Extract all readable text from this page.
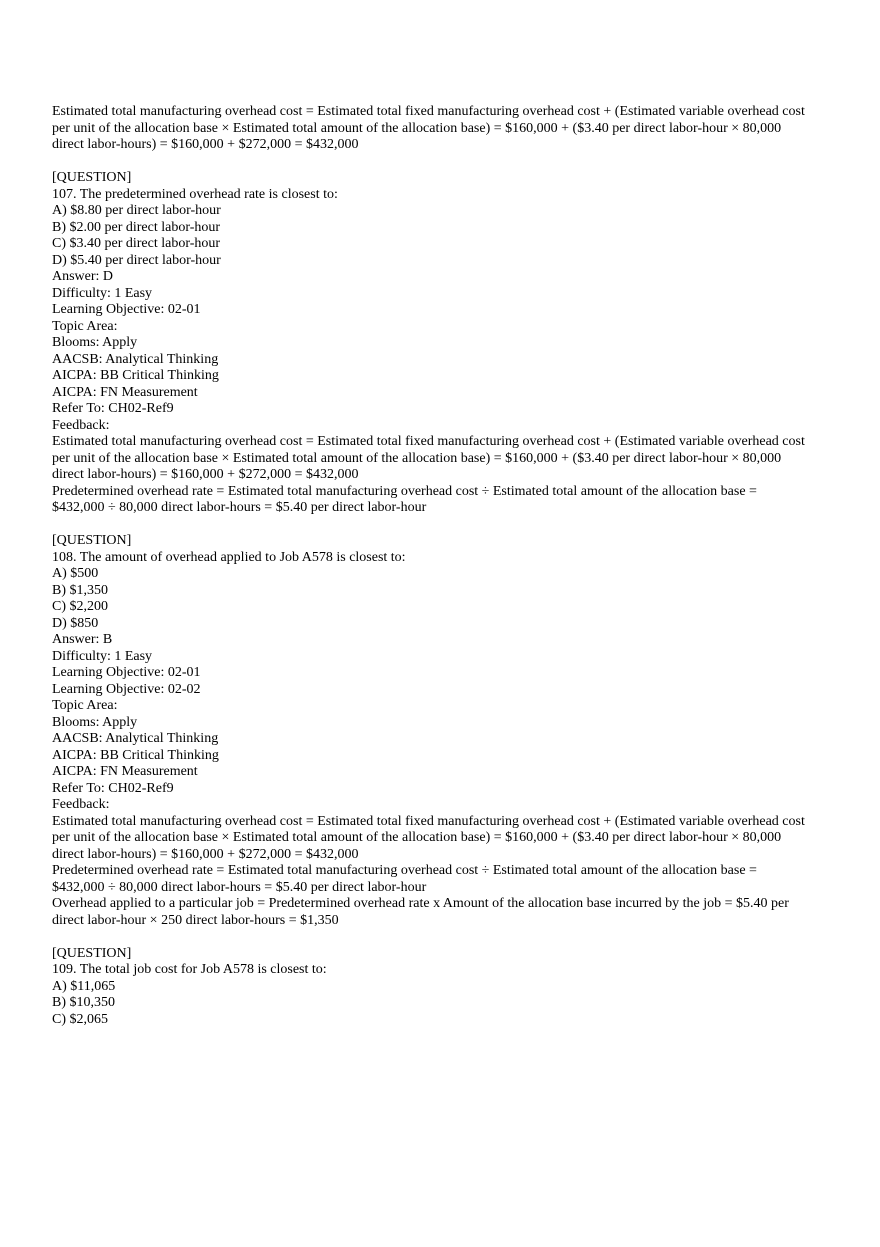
Estimated total manufacturing overhead cost = Estimated total fixed manufacturing overhead cost + (Estimated variable overhead cost per unit of the allocation base × Estimated total amount of the allocation base) = $160,000 + ($3.40 per direct labor-hour × 80,000 direct labor-hours) = $160,000 + $272,000 = $432,000

[QUESTION]

107. The predetermined overhead rate is closest to:

A) $8.80 per direct labor-hour

B) $2.00 per direct labor-hour

C) $3.40 per direct labor-hour

D) $5.40 per direct labor-hour

Answer: D

Difficulty: 1 Easy

Learning Objective: 02-01

Topic Area:

Blooms: Apply

AACSB: Analytical Thinking

AICPA: BB Critical Thinking

AICPA: FN Measurement

Refer To: CH02-Ref9

Feedback:

Estimated total manufacturing overhead cost = Estimated total fixed manufacturing overhead cost + (Estimated variable overhead cost per unit of the allocation base × Estimated total amount of the allocation base) = $160,000 + ($3.40 per direct labor-hour × 80,000 direct labor-hours) = $160,000 + $272,000 = $432,000

Predetermined overhead rate = Estimated total manufacturing overhead cost ÷ Estimated total amount of the allocation base = $432,000 ÷ 80,000 direct labor-hours = $5.40 per direct labor-hour

[QUESTION]

108. The amount of overhead applied to Job A578 is closest to:

A) $500

B) $1,350

C) $2,200

D) $850

Answer: B

Difficulty: 1 Easy

Learning Objective: 02-01

Learning Objective: 02-02

Topic Area:

Blooms: Apply

AACSB: Analytical Thinking

AICPA: BB Critical Thinking

AICPA: FN Measurement

Refer To: CH02-Ref9

Feedback:

Estimated total manufacturing overhead cost = Estimated total fixed manufacturing overhead cost + (Estimated variable overhead cost per unit of the allocation base × Estimated total amount of the allocation base) = $160,000 + ($3.40 per direct labor-hour × 80,000 direct labor-hours) = $160,000 + $272,000 = $432,000

Predetermined overhead rate = Estimated total manufacturing overhead cost ÷ Estimated total amount of the allocation base = $432,000 ÷ 80,000 direct labor-hours = $5.40 per direct labor-hour

Overhead applied to a particular job = Predetermined overhead rate x Amount of the allocation base incurred by the job = $5.40 per direct labor-hour × 250 direct labor-hours = $1,350

[QUESTION]

109. The total job cost for Job A578 is closest to:

A) $11,065

B) $10,350

C) $2,065
